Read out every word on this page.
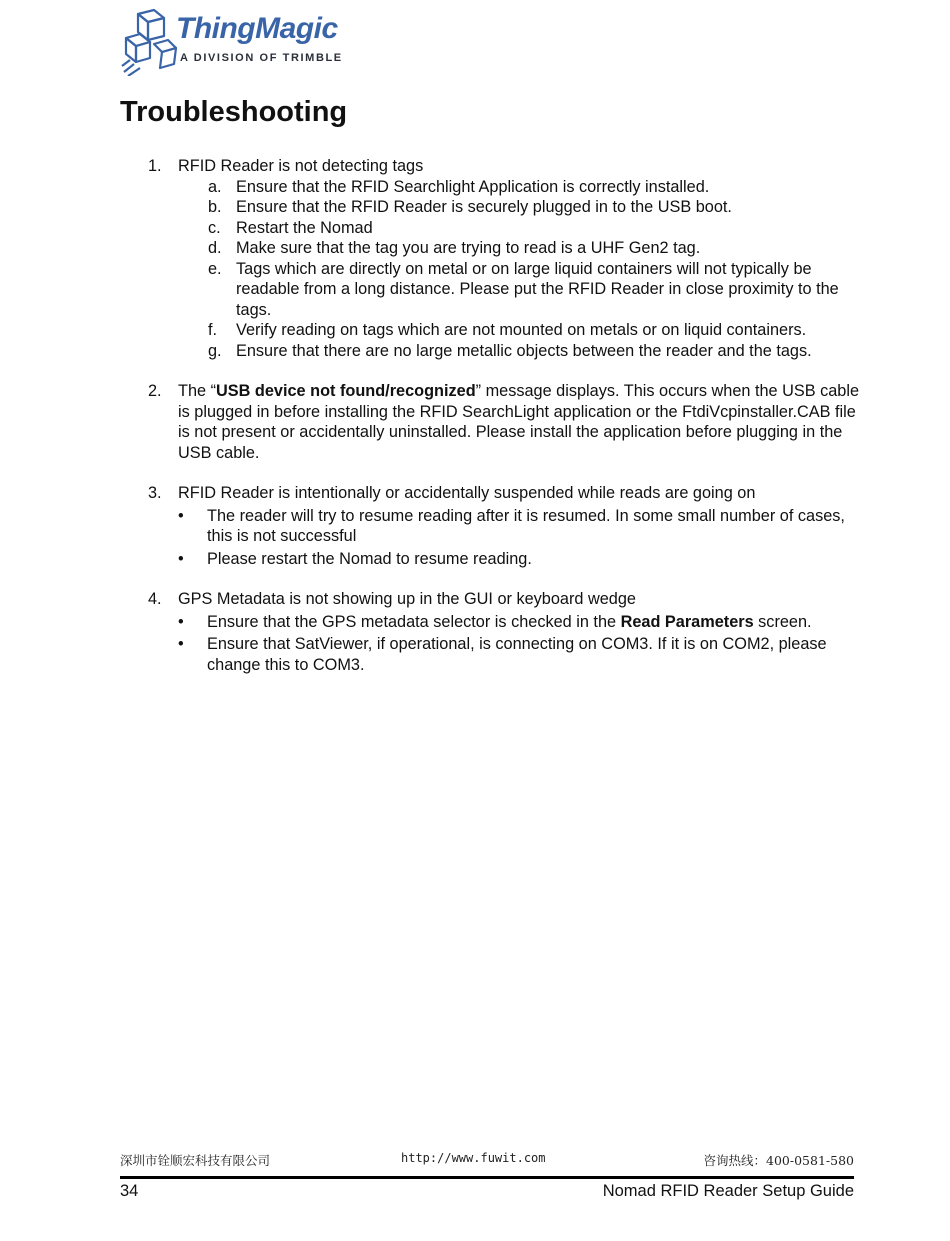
ThingMagic
A DIVISION OF TRIMBLE
Troubleshooting
1. RFID Reader is not detecting tags
a. Ensure that the RFID Searchlight Application is correctly installed.
b. Ensure that the RFID Reader is securely plugged in to the USB boot.
c. Restart the Nomad
d. Make sure that the tag you are trying to read is a UHF Gen2 tag.
e. Tags which are directly on metal or on large liquid containers will not typically be readable from a long distance. Please put the RFID Reader in close proximity to the tags.
f. Verify reading on tags which are not mounted on metals or on liquid containers.
g. Ensure that there are no large metallic objects between the reader and the tags.
2. The “USB device not found/recognized” message displays. This occurs when the USB cable is plugged in before installing the RFID SearchLight application or the FtdiVcpinstaller.CAB file is not present or accidentally uninstalled. Please install the application before plugging in the USB cable.
3. RFID Reader is intentionally or accidentally suspended while reads are going on
• The reader will try to resume reading after it is resumed. In some small number of cases, this is not successful
• Please restart the Nomad to resume reading.
4. GPS Metadata is not showing up in the GUI or keyboard wedge
• Ensure that the GPS metadata selector is checked in the Read Parameters screen.
• Ensure that SatViewer, if operational, is connecting on COM3. If it is on COM2, please change this to COM3.
深圳市铨顺宏科技有限公司	http://www.fuwit.com	咨询热线：400-0581-580
34	Nomad RFID Reader Setup Guide
